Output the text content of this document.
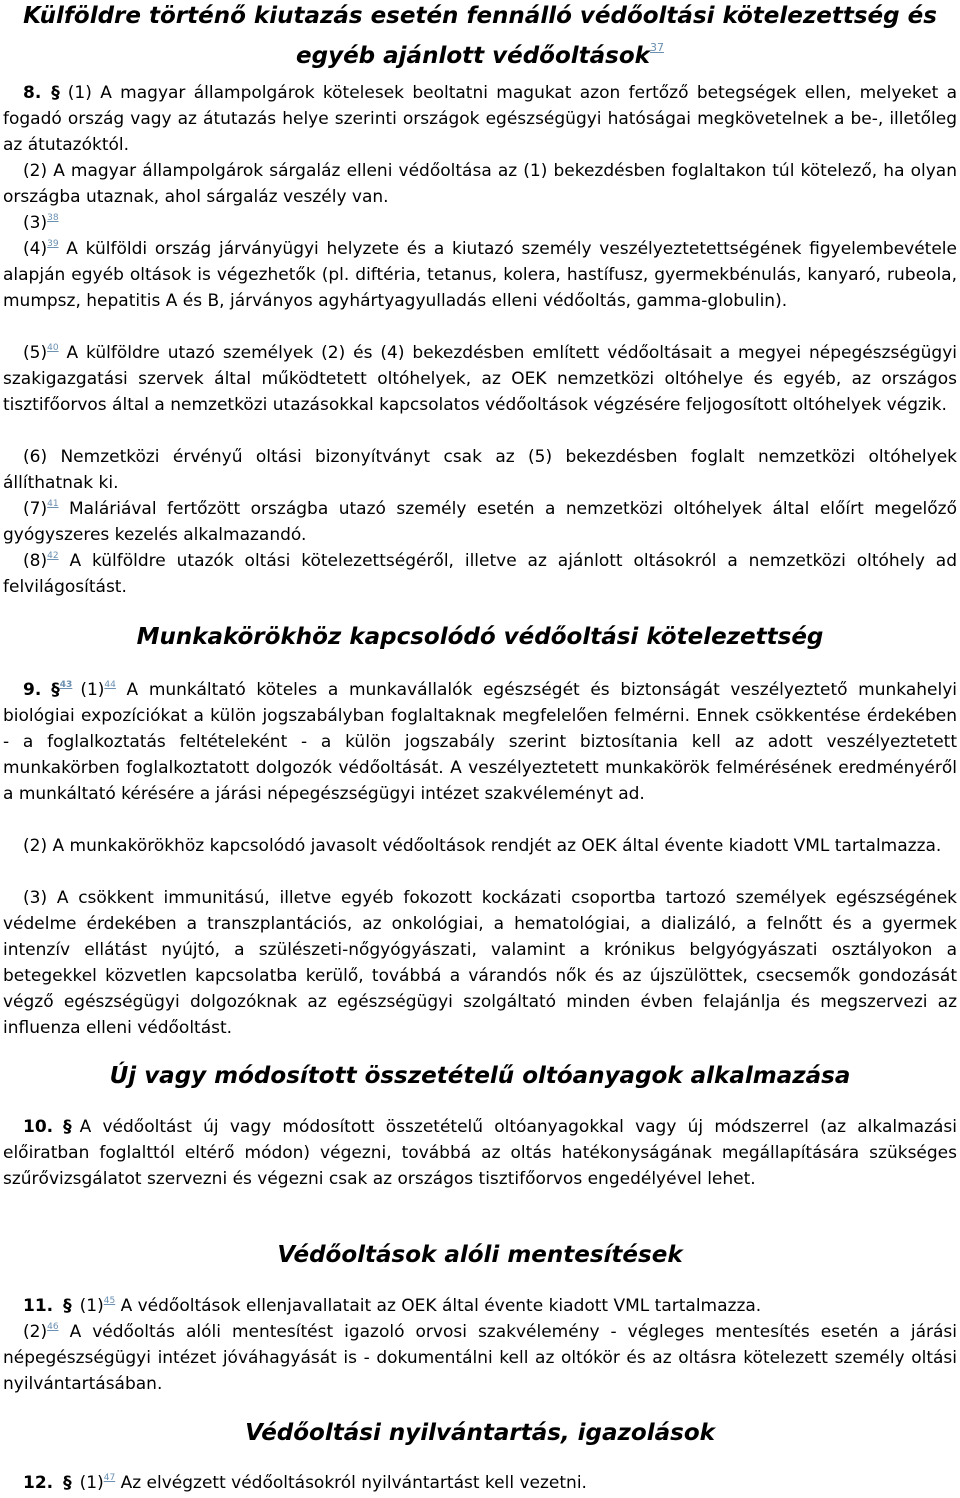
Külföldre történő kiutazás esetén fennálló védőoltási kötelezettség és
egyéb ajánlott védőoltások$^{37}$

8. § (1) A magyar állampolgárok kötelesek beoltatni magukat azon fertőző betegségek ellen, melyeket a fogadó ország vagy az átutazás helye szerinti országok egészségügyi hatóságai megkövetelnek a be-, illetőleg az átutazóktól.

(2) A magyar állampolgárok sárgaláz elleni védőoltása az (1) bekezdésben foglaltakon túl kötelező, ha olyan országba utaznak, ahol sárgaláz veszély van.

(3)$^{38}$

(4)$^{39}$ A külföldi ország járványügyi helyzete és a kiutazó személy veszélyeztetettségének figyelembevétele alapján egyéb oltások is végezhetők (pl. diftéria, tetanus, kolera, hastífusz, gyermekbénulás, kanyaró, rubeola, mumpsz, hepatitis A és B, járványos agyhártyagyulladás elleni védőoltás, gamma-globulin).

(5)$^{40}$ A külföldre utazó személyek (2) és (4) bekezdésben említett védőoltásait a megyei népegészségügyi szakigazgatási szervek által működtetett oltóhelyek, az OEK nemzetközi oltóhelye és egyéb, az országos tisztifőorvos által a nemzetközi utazásokkal kapcsolatos védőoltások végzésére feljogosított oltóhelyek végzik.

(6) Nemzetközi érvényű oltási bizonyítványt csak az (5) bekezdésben foglalt nemzetközi oltóhelyek állíthatnak ki.

(7)$^{41}$ Maláriával fertőzött országba utazó személy esetén a nemzetközi oltóhelyek által előírt megelőző gyógyszeres kezelés alkalmazandó.

(8)$^{42}$ A külföldre utazók oltási kötelezettségéről, illetve az ajánlott oltásokról a nemzetközi oltóhely ad felvilágosítást.

Munkakörökhöz kapcsolódó védőoltási kötelezettség

9. §$^{43}$ (1)$^{44}$ A munkáltató köteles a munkavállalók egészségét és biztonságát veszélyeztető munkahelyi biológiai expozíciókat a külön jogszabályban foglaltaknak megfelelően felmérni. Ennek csökkentése érdekében - a foglalkoztatás feltételeként - a külön jogszabály szerint biztosítania kell az adott veszélyeztetett munkakörben foglalkoztatott dolgozók védőoltását. A veszélyeztetett munkakörök felmérésének eredményéről a munkáltató kérésére a járási népegészségügyi intézet szakvéleményt ad.

(2) A munkakörökhöz kapcsolódó javasolt védőoltások rendjét az OEK által évente kiadott VML tartalmazza.

(3) A csökkent immunitású, illetve egyéb fokozott kockázati csoportba tartozó személyek egészségének védelme érdekében a transzplantációs, az onkológiai, a hematológiai, a dializáló, a felnőtt és a gyermek intenzív ellátást nyújtó, a szülészeti-nőgyógyászati, valamint a krónikus belgyógyászati osztályokon a betegekkel közvetlen kapcsolatba kerülő, továbbá a várandós nők és az újszülöttek, csecsemők gondozását végző egészségügyi dolgozóknak az egészségügyi szolgáltató minden évben felajánlja és megszervezi az influenza elleni védőoltást.

Új vagy módosított összetételű oltóanyagok alkalmazása

10. § A védőoltást új vagy módosított összetételű oltóanyagokkal vagy új módszerrel (az alkalmazási előiratban foglalttól eltérő módon) végezni, továbbá az oltás hatékonyságának megállapítására szükséges szűrővizsgálatot szervezni és végezni csak az országos tisztifőorvos engedélyével lehet.

Védőoltások alóli mentesítések

11. § (1)$^{45}$ A védőoltások ellenjavallatait az OEK által évente kiadott VML tartalmazza.

(2)$^{46}$ A védőoltás alóli mentesítést igazoló orvosi szakvélemény - végleges mentesítés esetén a járási népegészségügyi intézet jóváhagyását is - dokumentálni kell az oltókör és az oltásra kötelezett személy oltási nyilvántartásában.

Védőoltási nyilvántartás, igazolások

12. § (1)$^{47}$ Az elvégzett védőoltásokról nyilvántartást kell vezetni.
